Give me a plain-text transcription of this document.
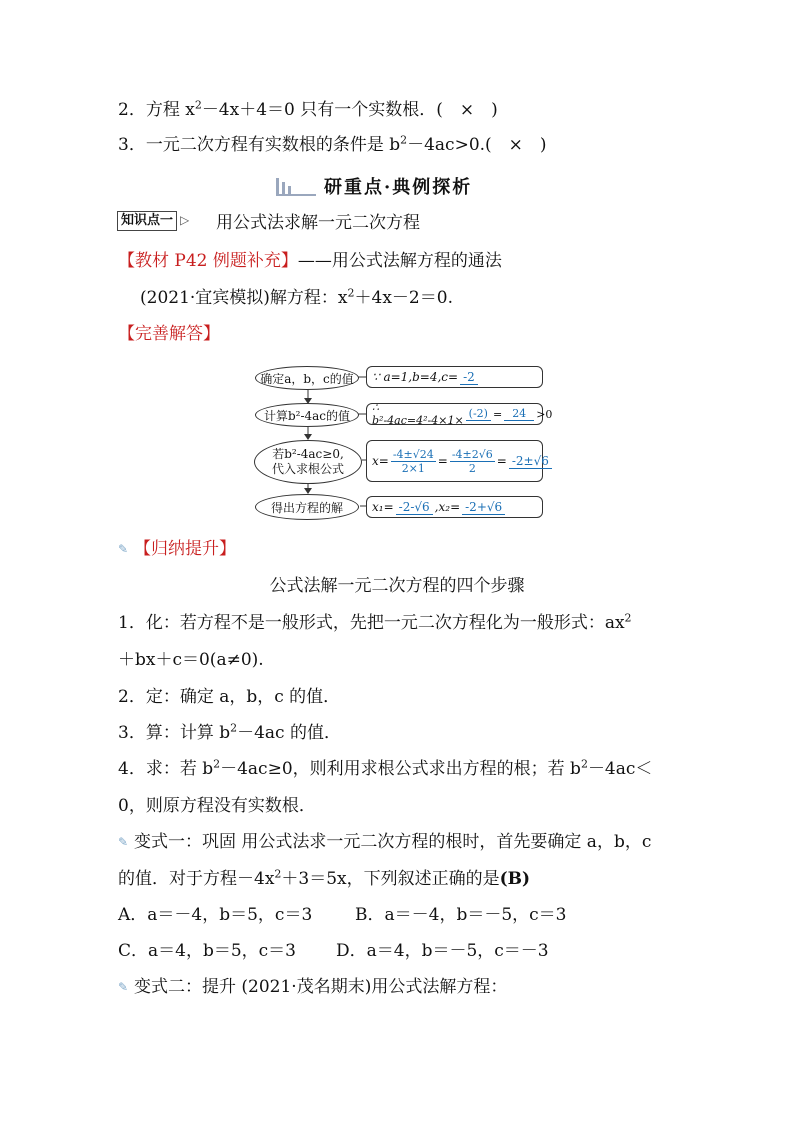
2．方程 $x^2-4x+4=0$ 只有一个实数根．(　×　)
3．一元二次方程有实数根的条件是 $b^2-4ac>0$.(　×　)
研重点·典例探析
知识点一 ▷ 用公式法求解一元二次方程
【教材 P42 例题补充】——用公式法解方程的通法
(2021·宜宾模拟)解方程：$x^2+4x-2=0$.
【完善解答】
确定a，b，c的值
计算b²-4ac的值
若b²-4ac≥0,
代入求根公式
得出方程的解
∵ a=1,b=4,c= -2
∴ b²-4ac=4²-4×1×
(-2) = 24 >0
$x= \frac{-4\pm√24}{2\times 1} = \frac{-4\pm 2√6}{2} = -2\pm√6$
x₁= -2-√6 ,x₂= -2+√6
✎ 【归纳提升】
公式法解一元二次方程的四个步骤
1．化：若方程不是一般形式，先把一元二次方程化为一般形式：$ax^2$
＋bx＋c＝0(a≠0).
2．定：确定 a，b，c 的值．
3．算：计算 $b^2-4ac$ 的值．
4．求：若 $b^2-4ac\ge 0$，则利用求根公式求出方程的根；若 $b^2-4ac<$
0，则原方程没有实数根．
✎ 变式一：巩固 用公式法求一元二次方程的根时，首先要确定 a，b，c
的值．对于方程$-4x^2+3=5x$，下列叙述正确的是(B)
A．a＝－4，b＝5，c＝3	B．a＝－4，b＝－5，c＝3
C．a＝4，b＝5，c＝3 D．a＝4，b＝－5，c＝－3
✎ 变式二：提升 (2021·茂名期末)用公式法解方程：
